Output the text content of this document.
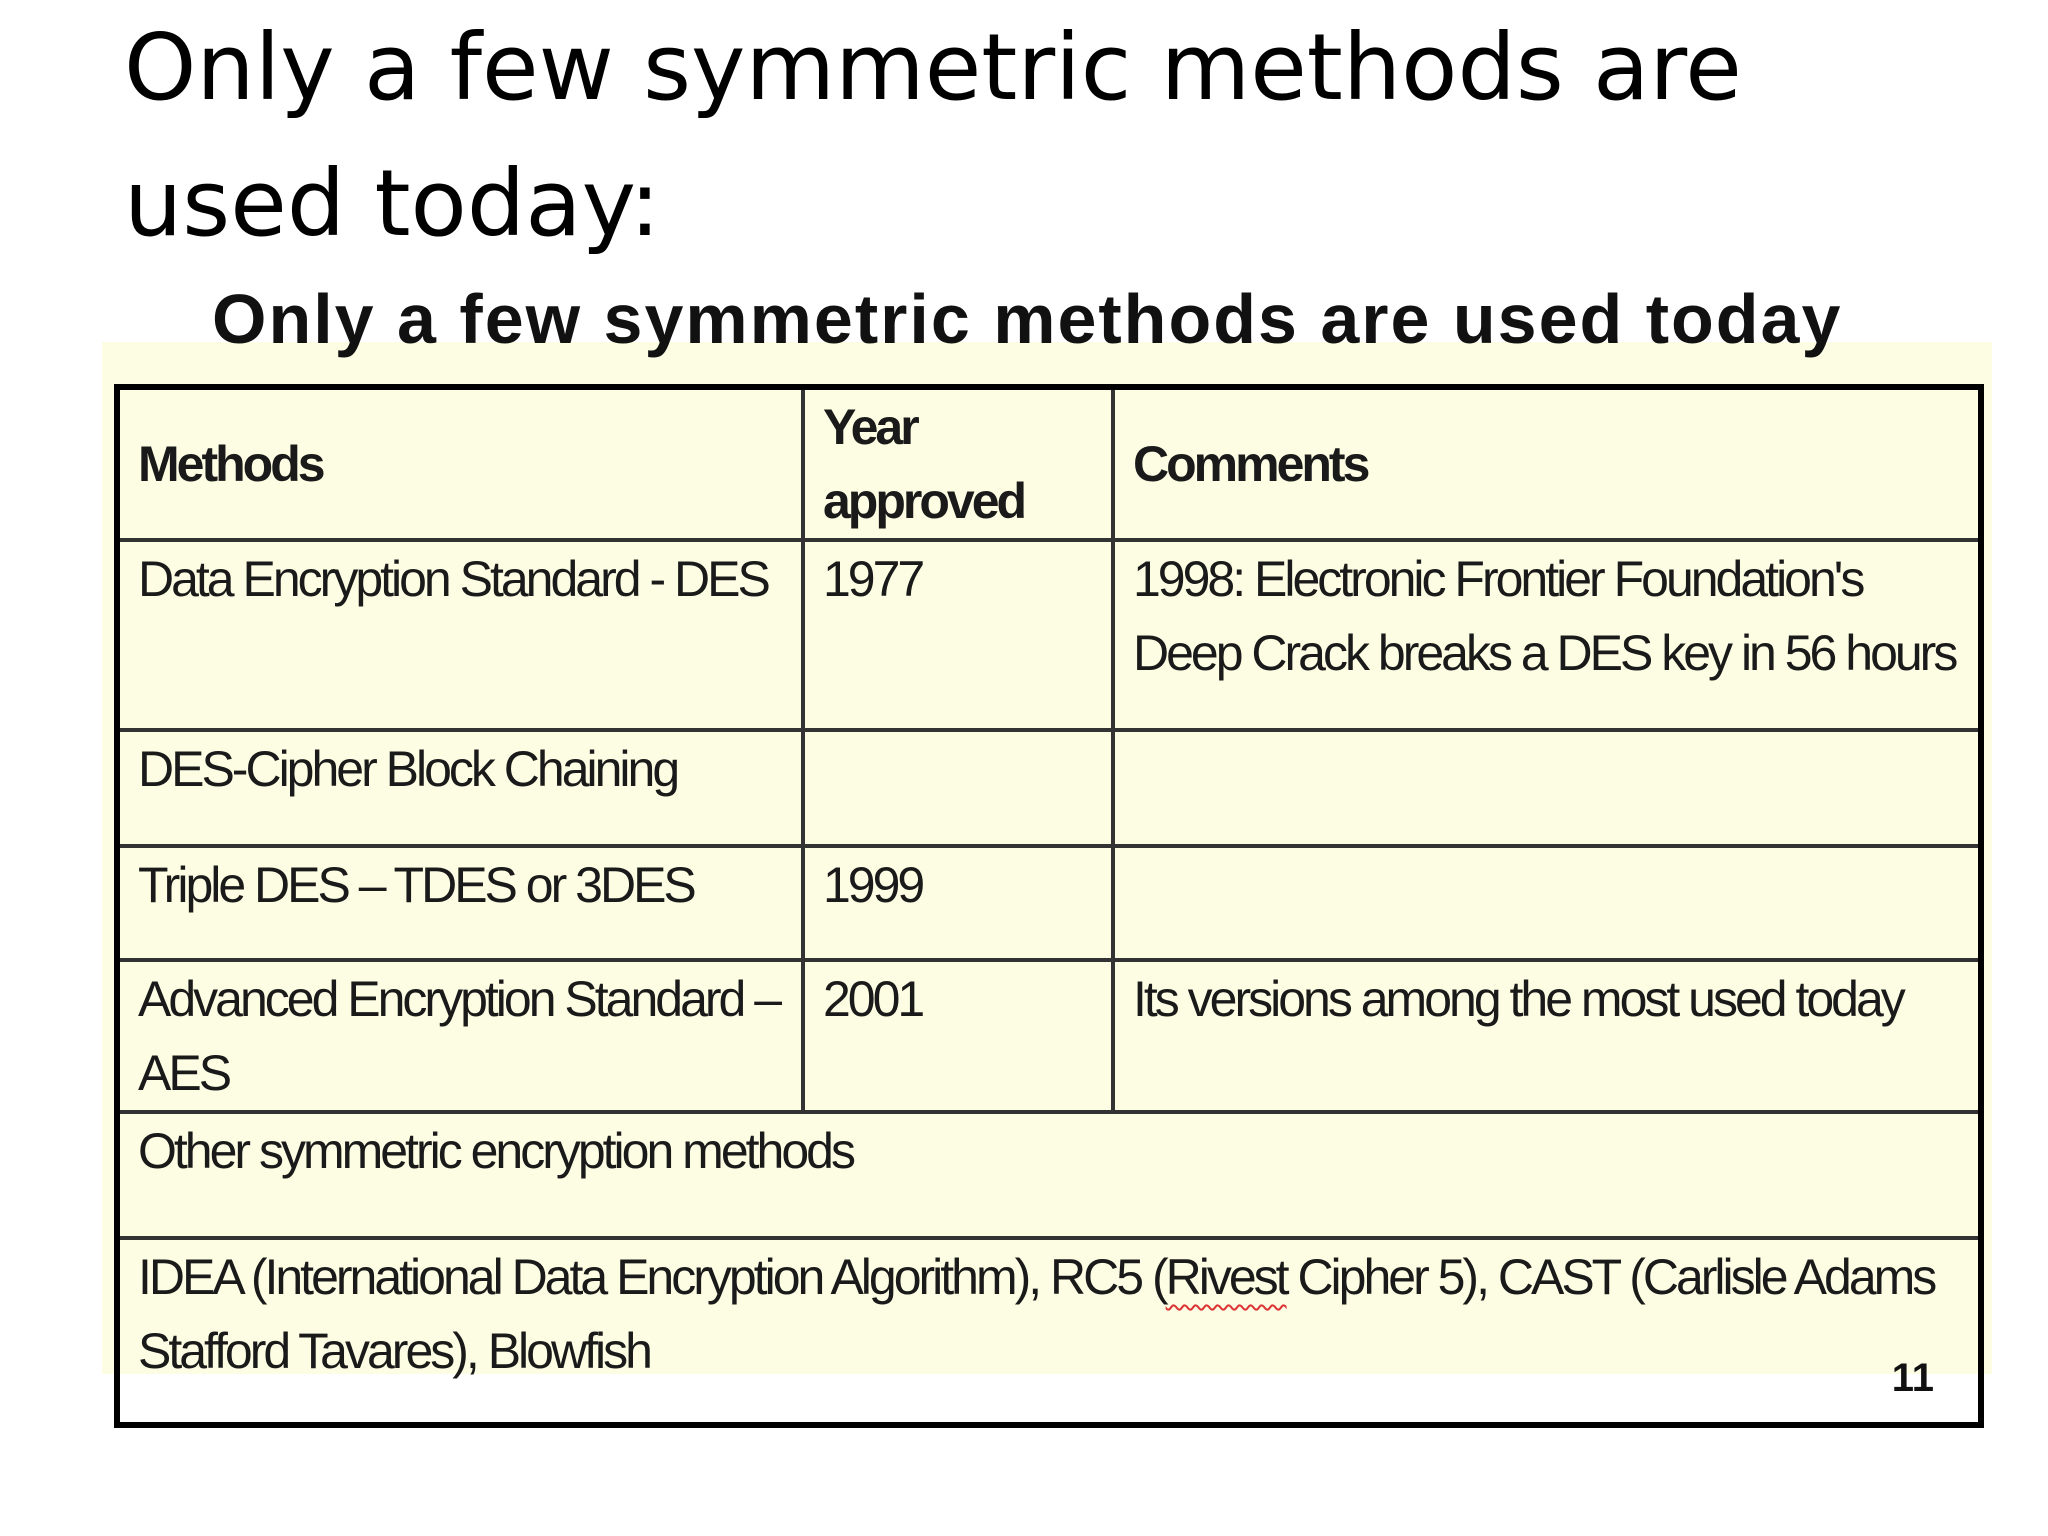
Only a few symmetric methods are
used today:
Only a few symmetric methods are used today
Methods	Year approved	Comments
Data Encryption Standard - DES	1977	1998: Electronic Frontier Foundation's Deep Crack breaks a DES key in 56 hours
DES-Cipher Block Chaining		
Triple DES – TDES or 3DES	1999	
Advanced Encryption Standard – AES	2001	Its versions among the most used today
Other symmetric encryption methods		
IDEA (International Data Encryption Algorithm), RC5 (Rivest Cipher 5), CAST (Carlisle Adams Stafford Tavares), Blowfish			11
